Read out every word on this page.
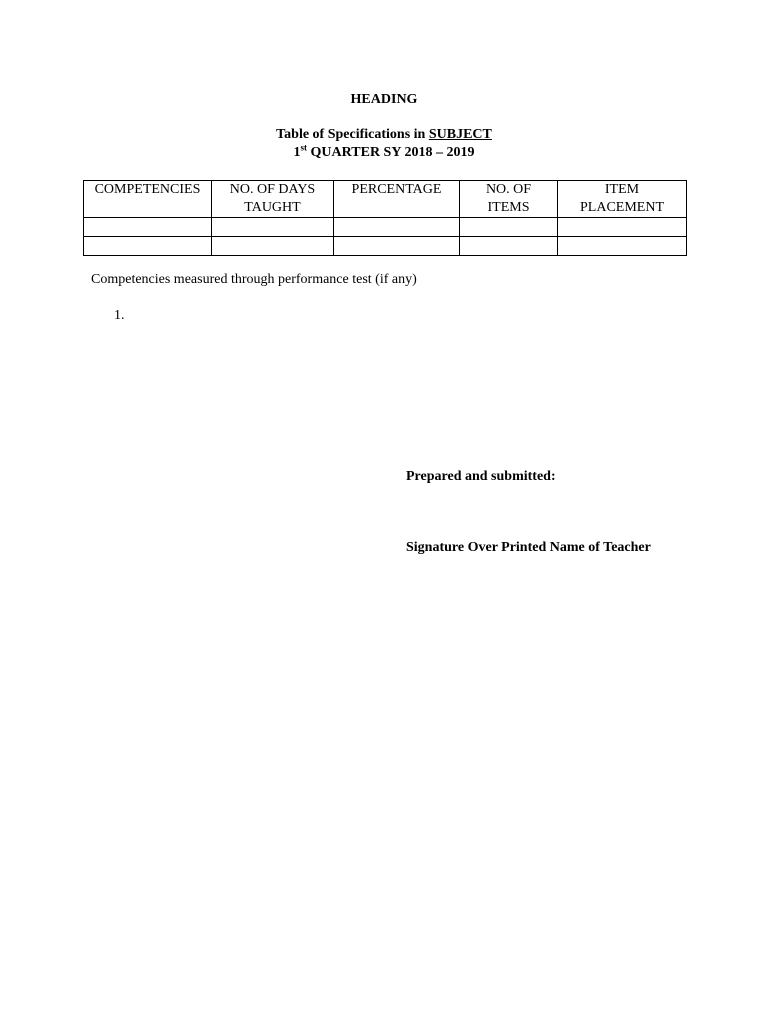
HEADING
Table of Specifications in SUBJECT
1st QUARTER SY 2018 – 2019
COMPETENCIES	NO. OF DAYS TAUGHT	PERCENTAGE	NO. OF ITEMS	ITEM PLACEMENT

Competencies measured through performance test (if any)
1.
Prepared and submitted:
Signature Over Printed Name of Teacher
